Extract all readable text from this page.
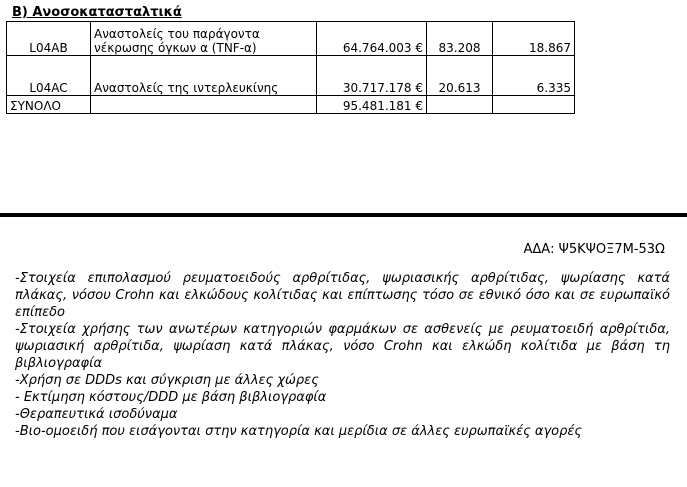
B) Ανοσοκατασταλτικά
L04AB	Αναστολείς του παράγοντα
νέκρωσης όγκων α (TNF-α)	64.764.003 €	83.208	18.867
L04AC	Αναστολείς της ιντερλευκίνης	30.717.178 €	20.613	6.335
ΣΥΝΟΛΟ		95.481.181 €		
ΑΔΑ: Ψ5ΚΨΟΞ7Μ-53Ω

-Στοιχεία επιπολασμού ρευματοειδούς αρθρίτιδας, ψωριασικής αρθρίτιδας, ψωρίασης κατά πλάκας, νόσου Crohn και ελκώδους κολίτιδας και επίπτωσης τόσο σε εθνικό όσο και σε ευρωπαϊκό επίπεδο

-Στοιχεία χρήσης των ανωτέρων κατηγοριών φαρμάκων σε ασθενείς με ρευματοειδή αρθρίτιδα, ψωριασική αρθρίτιδα, ψωρίαση κατά πλάκας, νόσο Crohn και ελκώδη κολίτιδα με βάση τη βιβλιογραφία

-Χρήση σε DDDs και σύγκριση με άλλες χώρες

- Εκτίμηση κόστους/DDD με βάση βιβλιογραφία

-Θεραπευτικά ισοδύναμα

-Βιο-ομοειδή που εισάγονται στην κατηγορία και μερίδια σε άλλες ευρωπαϊκές αγορές
